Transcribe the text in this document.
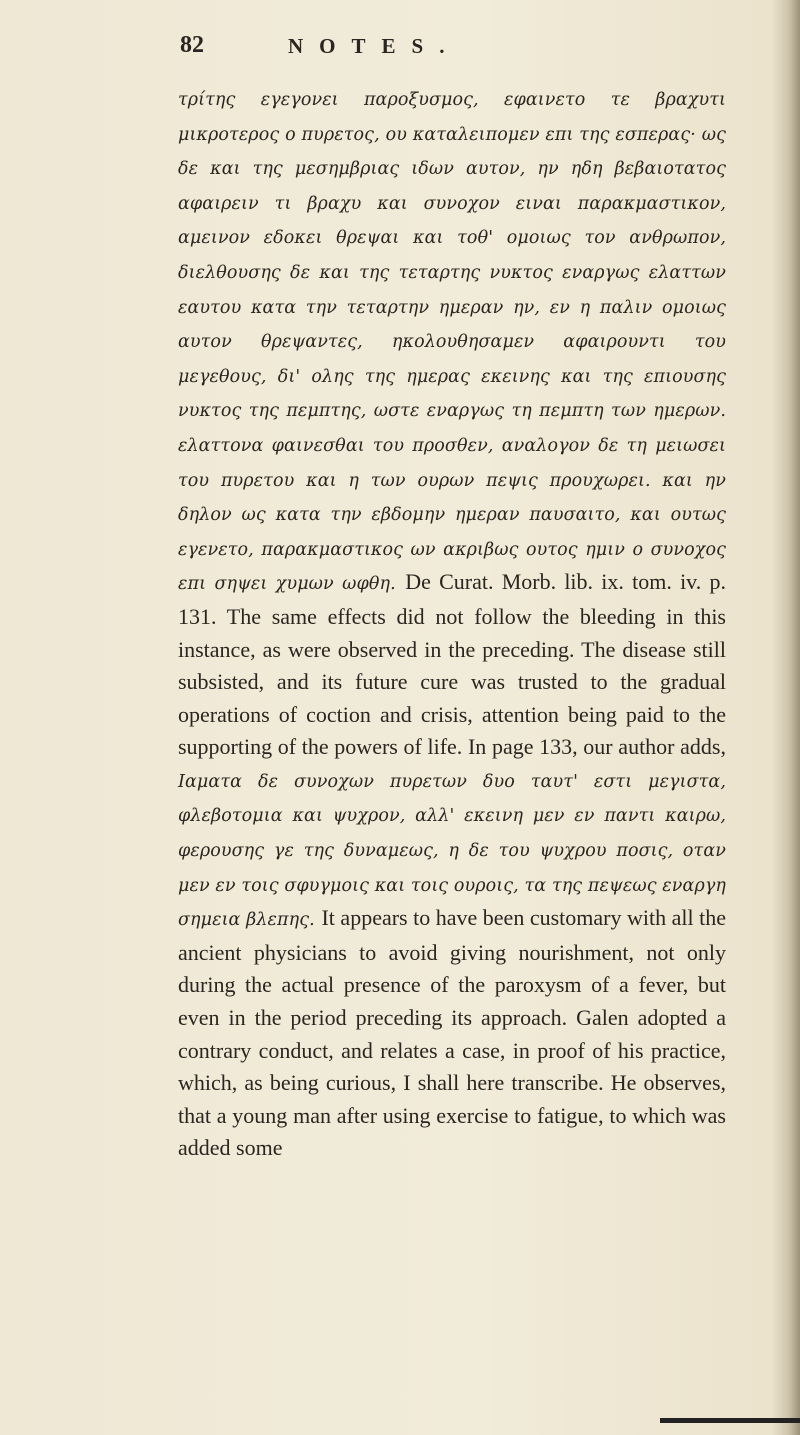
82	NOTES.
τρίτης εγεγονει παροξυσμος, εφαινετο τε βραχυτι μικροτερος ο πυρετος, ου καταλειπομεν επι της εσπερας· ως δε και της μεσημβριας ιδων αυτον, ην ηδη βεβαιοτατος αφαιρειν τι βραχυ και συνοχον ειναι παρακμαστικον, αμεινον εδοκει θρεψαι και τοθ' ομοιως τον ανθρωπον, διελθουσης δε και της τεταρτης νυκτος εναργως ελαττων εαυτου κατα την τεταρτην ημεραν ην, εν η παλιν ομοιως αυτον θρεψαντες, ηκολουθησαμεν αφαιρουντι του μεγεθους, δι' ολης της ημερας εκεινης και της επιουσης νυκτος της πεμπτης, ωστε εναργως τη πεμπτη των ημερων. ελαττονα φαινεσθαι του προσθεν, αναλογον δε τη μειωσει του πυρετου και η των ουρων πεψις προυχωρει. και ην δηλον ως κατα την εβδομην ημεραν παυσαιτο, και ουτως εγενετο, παρακμαστικος ων ακριβως ουτος ημιν ο συνοχος επι σηψει χυμων ωφθη. De Curat. Morb. lib. ix. tom. iv. p. 131. The same effects did not follow the bleeding in this instance, as were observed in the preceding. The disease still subsisted, and its future cure was trusted to the gradual operations of coction and crisis, attention being paid to the supporting of the powers of life. In page 133, our author adds, Ιαματα δε συνοχων πυρετων δυο ταυτ' εστι μεγιστα, φλεβοτομια και ψυχρον, αλλ' εκεινη μεν εν παντι καιρω, φερουσης γε της δυναμεως, η δε του ψυχρου ποσις, οταν μεν εν τοις σφυγμοις και τοις ουροις, τα της πεψεως εναργη σημεια βλεπης. It appears to have been customary with all the ancient physicians to avoid giving nourishment, not only during the actual presence of the paroxysm of a fever, but even in the period preceding its approach. Galen adopted a contrary conduct, and relates a case, in proof of his practice, which, as being curious, I shall here transcribe. He observes, that a young man after using exercise to fatigue, to which was added some
